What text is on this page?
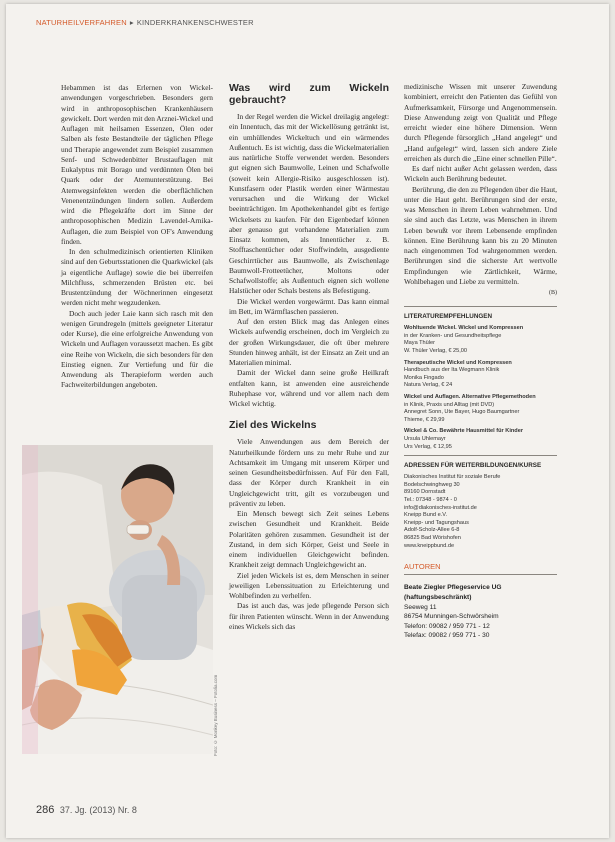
NATURHEILVERFAHREN ▸ KINDERKRANKENSCHWESTER

Hebammen ist das Erlernen von Wickel-anwendungen vorgeschrieben. Besonders gern wird in anthroposophischen Krankenhäusern gewickelt. Dort werden mit den Arznei-Wickel und Auflagen mit heilsamen Essenzen, Ölen oder Salben als feste Bestandteile der täglichen Pflege und Therapie angewendet zum Beispiel zusammen Senf- und Schwedenbitter Brustauflagen mit Eukalyptus mit Borago und verdünnten Ölen bei Quark oder der Atemunterstützung. Bei Atemwegsinfekten werden die oberflächlichen Venenentzündungen lindern sollen. Außerdem wird die Pflegekräfte dort im Sinne der anthroposophischen Medizin Lavendel-Arnika-Auflagen, die zum Beispiel von OF's Anwendung finden.

In den schulmedizinisch orientierten Kliniken sind auf den Geburtsstationen die Quarkwickel (als ja eigentliche Auflage) sowie die bei überreifen Milchfluss, schmerzenden Brüsten etc. bei Brustentzündung der Wöchnerinnen eingesetzt werden nicht mehr wegzudenken.

Doch auch jeder Laie kann sich rasch mit den wenigen Grundregeln (mittels geeigneter Literatur oder Kurse), die eine erfolgreiche Anwendung von Wickeln und Auflagen voraussetzt machen. Es gibt eine Reihe von Wickeln, die sich besonders für den Einstieg eignen. Zur Vertiefung und für die Anwendung als Therapieform werden auch Fachweiterbildungen angeboten.

Foto: © Monkey Business – Fotolia.com
Was wird zum Wickeln gebraucht?

In der Regel werden die Wickel dreilagig angelegt: ein Innentuch, das mit der Wickellösung getränkt ist, ein umhüllendes Wickeltuch und ein wärmendes Außentuch. Es ist wichtig, dass die Wickelmaterialien aus natürliche Stoffe verwendet werden. Besonders gut eignen sich Baumwolle, Leinen und Schafwolle (soweit kein Allergie-Risiko ausgeschlossen ist). Kunstfasern oder Plastik werden einer Wärmestau verursachen und die Wirkung der Wickel beeinträchtigen. Im Apothekenhandel gibt es fertige Wickelsets zu kaufen. Für den Eigenbedarf können aber genauso gut vorhandene Materialien zum Einsatz kommen, als Innentücher z. B. Stofftaschentücher oder Stoffwindeln, ausgediente Geschirrtücher aus Baumwolle, als Zwischenlage Baumwoll-Frotteetücher, Moltons oder Schafwollstoffe; als Außentuch eignen sich wollene Halstücher oder Schals bestens als Befestigung.

Die Wickel werden vorgewärmt. Das kann einmal im Bett, im Wärmflaschen passieren.

Auf den ersten Blick mag das Anlegen eines Wickels aufwendig erscheinen, doch im Vergleich zu der großen Wirkungsdauer, die oft über mehrere Stunden hinweg anhält, ist der Einsatz an Zeit und an Materialien minimal.

Damit der Wickel dann seine große Heilkraft entfalten kann, ist anwenden eine ausreichende Ruhephase vor, während und vor allem nach dem Wickel wichtig.

Ziel des Wickelns

Viele Anwendungen aus dem Bereich der Naturheilkunde fördern uns zu mehr Ruhe und zur Achtsamkeit im Umgang mit unserem Körper und seinen Gesundheitsbedürfnissen. Auf Für den Fall, dass der Körper durch Krankheit in ein Ungleichgewicht tritt, gilt es vorzubeugen und präventiv zu leben.

Ein Mensch bewegt sich Zeit seines Lebens zwischen Gesundheit und Krankheit. Beide Polaritäten gehören zusammen. Gesundheit ist der Zustand, in dem sich Körper, Geist und Seele in einem individuellen Gleichgewicht befinden. Krankheit zeigt demnach Ungleichgewicht an.

Ziel jeden Wickels ist es, dem Menschen in seiner jeweiligen Lebenssituation zu Erleichterung und Wohlbefinden zu verhelfen.

Das ist auch das, was jede pflegende Person sich für ihren Patienten wünscht. Wenn in der Anwendung eines Wickels sich das

medizinische Wissen mit unserer Zuwendung kombiniert, erreicht den Patienten das Gefühl von Aufmerksamkeit, Fürsorge und Angenommensein. Diese Anwendung zeigt von Qualität und Pflege erreicht wieder eine höhere Dimension. Wenn durch Pflegende fürsorglich „Hand angelegt“ und „Hand aufgelegt“ wird, lassen sich andere Ziele erreichen als durch die „Eine einer schnellen Pille“.

Es darf nicht außer Acht gelassen werden, dass Wickeln auch Berührung bedeutet.

Berührung, die den zu Pflegenden über die Haut, unter die Haut geht. Berührungen sind der erste, was Menschen in ihrem Leben wahrnehmen. Und sie sind auch das Letzte, was Menschen in ihrem Leben bewußt vor ihrem Lebensende empfinden können. Eine Berührung kann bis zu 20 Minuten nach eingenommen Tod wahrgenommen werden. Berührungen sind die sicherste Art wertvolle Empfindungen wie Zärtlichkeit, Wärme, Wohlbehagen und Liebe zu vermitteln.

(B)
LITERATUREMPFEHLUNGEN
Wohltuende Wickel. Wickel und Kompressen
in der Kranken- und Gesundheitspflege
Maya Thüler
W. Thüler Verlag, € 25,00
Therapeutische Wickel und Kompressen
Handbuch aus der Ita Wegmann Klinik
Monika Fingado
Natura Verlag, € 24
Wickel und Auflagen. Alternative Pflegemethoden
in Klinik, Praxis und Alltag (mit DVD)
Annegret Sonn, Ute Bayer, Hugo Baumgartner
Thieme, € 29,99
Wickel & Co. Bewährte Hausmittel für Kinder
Ursula Uhlemayr
Urs Verlag, € 12,95
ADRESSEN FÜR WEITERBILDUNGEN/KURSE
Diakonisches Institut für soziale Berufe
Bodelschwinghweg 30
89160 Dornstadt
Tel.: 07348 - 9874 - 0
info@diakonisches-institut.de
Kneipp Bund e.V.
Kneipp- und Tagungshaus
Adolf-Scholz-Allee 6-8
86825 Bad Wörishofen
www.kneippbund.de
AUTOREN
Beate Ziegler Pflegeservice UG
(haftungsbeschränkt)
Seeweg 11
86754 Munningen-Schwörsheim
Telefon: 09082 / 959 771 - 12
Telefax: 09082 / 959 771 - 30
286 37. Jg. (2013) Nr. 8
